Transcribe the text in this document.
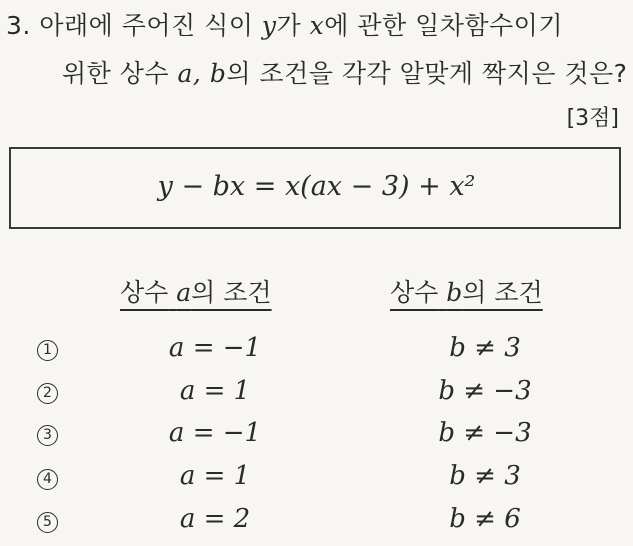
3. 아래에 주어진 식이 y가 x에 관한 일차함수이기
위한 상수 a, b의 조건을 각각 알맞게 짝지은 것은?
[3점]
y − bx = x(ax − 3) + x²
상수 a의 조건	상수 b의 조건
1	a = −1	b ≠ 3
2	a = 1	b ≠ −3
3	a = −1	b ≠ −3
4	a = 1	b ≠ 3
5	a = 2	b ≠ 6
